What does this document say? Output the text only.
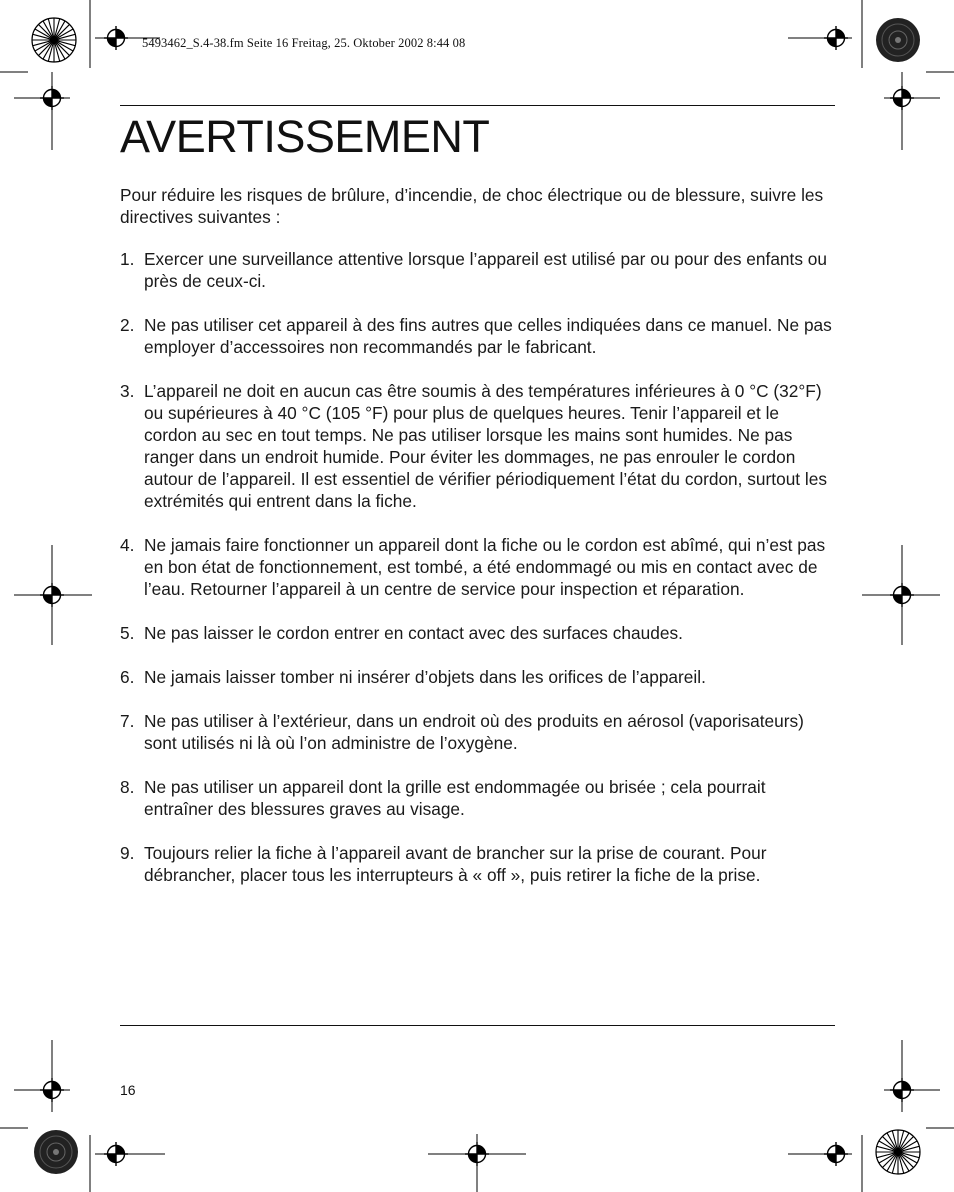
5493462_S.4-38.fm Seite 16 Freitag, 25. Oktober 2002 8:44 08
AVERTISSEMENT

Pour réduire les risques de brûlure, d’incendie, de choc électrique ou de blessure, suivre les directives suivantes :

1. Exercer une surveillance attentive lorsque l’appareil est utilisé par ou pour des enfants ou près de ceux-ci.
2. Ne pas utiliser cet appareil à des fins autres que celles indiquées dans ce manuel. Ne pas employer d’accessoires non recommandés par le fabricant.
3. L’appareil ne doit en aucun cas être soumis à des températures inférieures à 0 °C (32°F) ou supérieures à 40 °C (105 °F) pour plus de quelques heures. Tenir l’appareil et le cordon au sec en tout temps. Ne pas utiliser lorsque les mains sont humides. Ne pas ranger dans un endroit humide. Pour éviter les dommages, ne pas enrouler le cordon autour de l’appareil. Il est essentiel de vérifier périodiquement l’état du cordon, surtout les extrémités qui entrent dans la fiche.
4. Ne jamais faire fonctionner un appareil dont la fiche ou le cordon est abîmé, qui n’est pas en bon état de fonctionnement, est tombé, a été endommagé ou mis en contact avec de l’eau. Retourner l’appareil à un centre de service pour inspection et réparation.
5. Ne pas laisser le cordon entrer en contact avec des surfaces chaudes.
6. Ne jamais laisser tomber ni insérer d’objets dans les orifices de l’appareil.
7. Ne pas utiliser à l’extérieur, dans un endroit où des produits en aérosol (vaporisateurs) sont utilisés ni là où l’on administre de l’oxygène.
8. Ne pas utiliser un appareil dont la grille est endommagée ou brisée ; cela pourrait entraîner des blessures graves au visage.
9. Toujours relier la fiche à l’appareil avant de brancher sur la prise de courant. Pour débrancher, placer tous les interrupteurs à « off », puis retirer la fiche de la prise.
16
